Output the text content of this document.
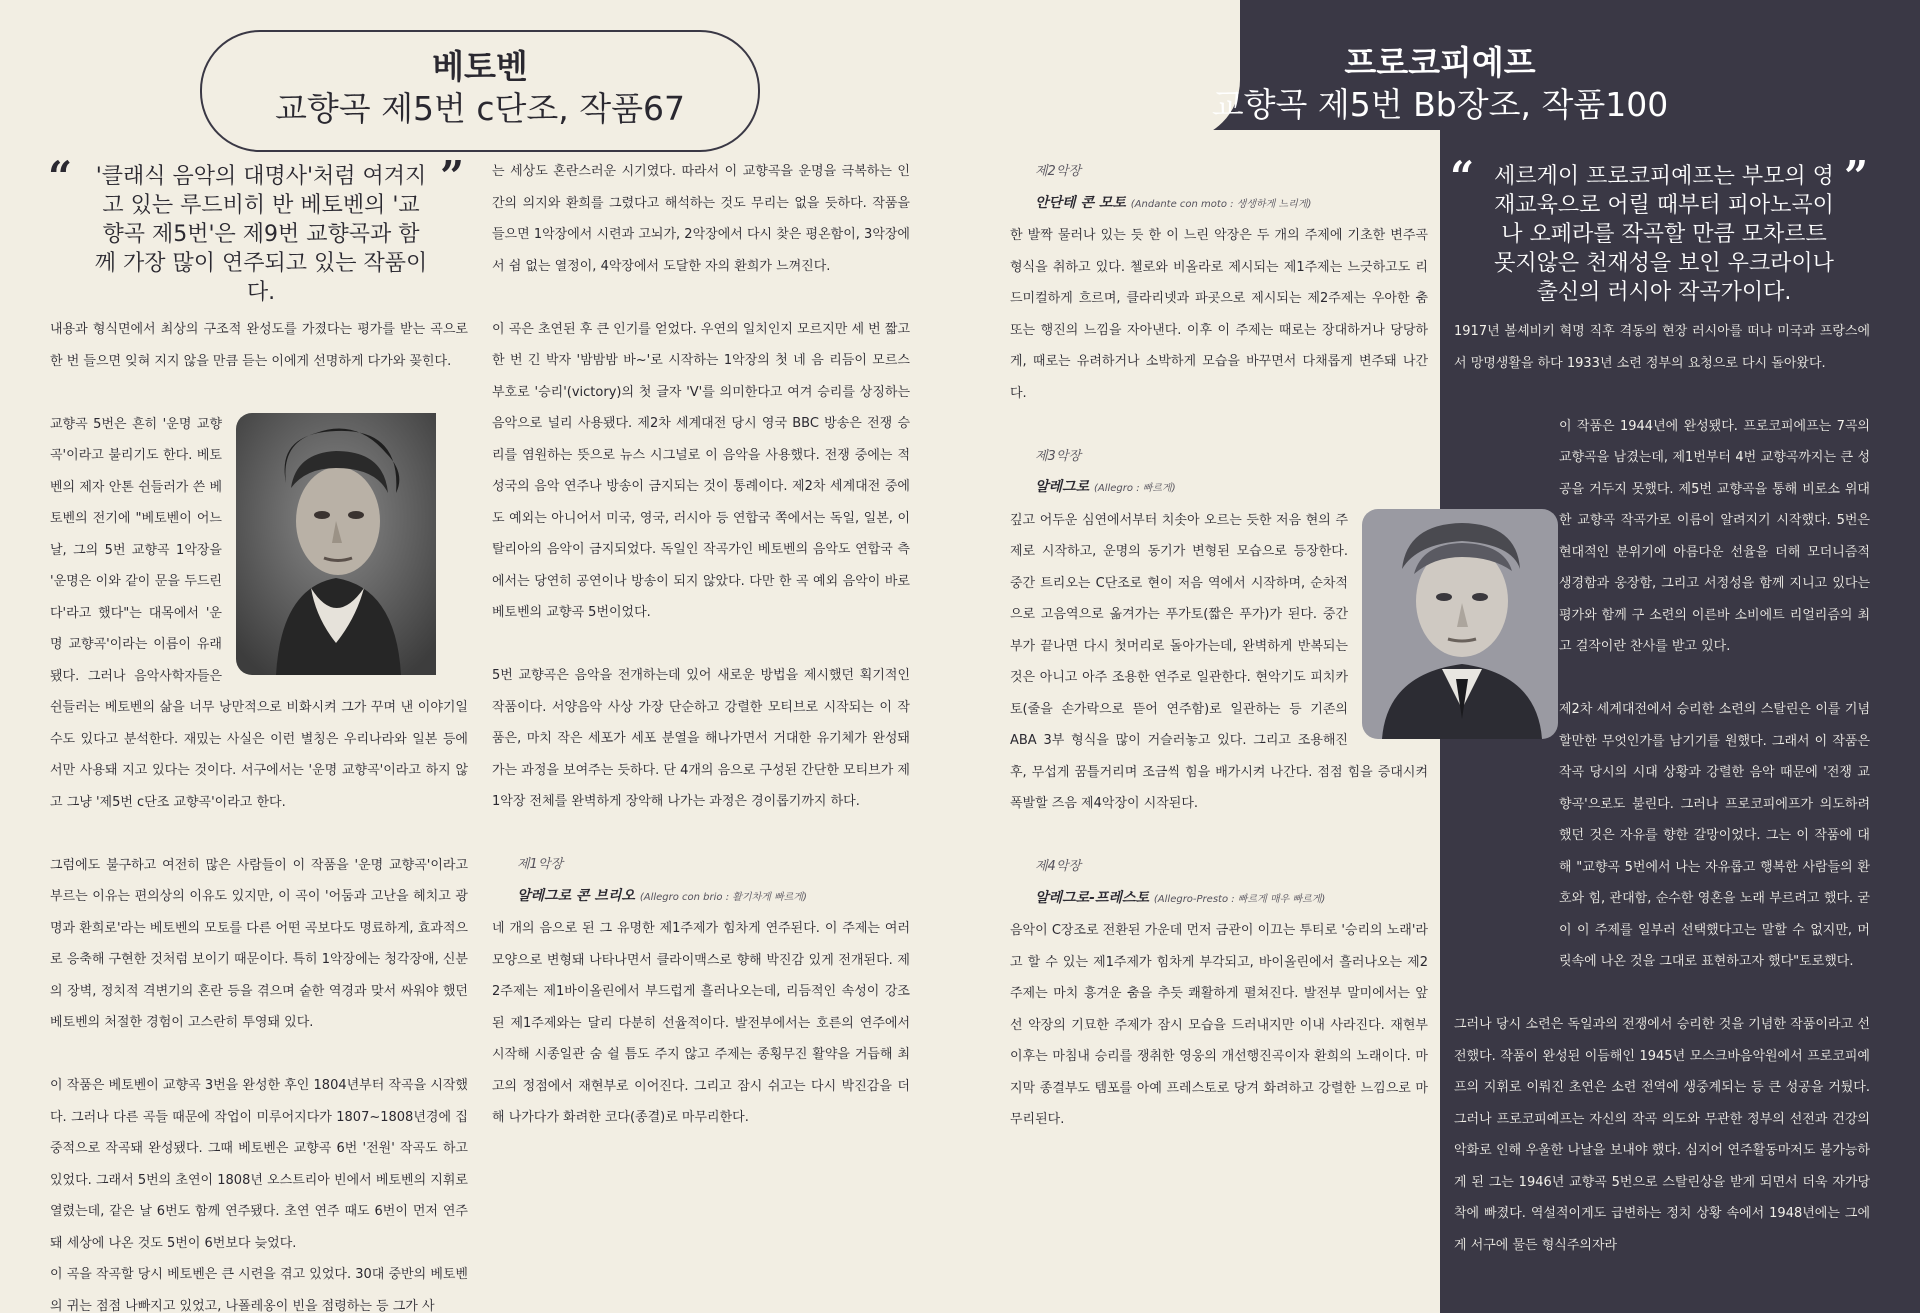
베토벤
교향곡 제5번 c단조, 작품67
프로코피예프
교향곡 제5번 Bb장조, 작품100
“	”
'클래식 음악의 대명사'처럼 여겨지고 있는 루드비히 반 베토벤의 '교향곡 제5번'은 제9번 교향곡과 함께 가장 많이 연주되고 있는 작품이다.

내용과 형식면에서 최상의 구조적 완성도를 가졌다는 평가를 받는 곡으로 한 번 들으면 잊혀 지지 않을 만큼 듣는 이에게 선명하게 다가와 꽂힌다.

교향곡 5번은 흔히 '운명 교향곡'이라고 불리기도 한다. 베토벤의 제자 안톤 쉰들러가 쓴 베토벤의 전기에 "베토벤이 어느 날, 그의 5번 교향곡 1악장을 '운명은 이와 같이 문을 두드린다'라고 했다"는 대목에서 '운명 교향곡'이라는 이름이 유래됐다. 그러나 음악사학자들은 쉰들러는 베토벤의 삶을 너무 낭만적으로 비화시켜 그가 꾸며 낸 이야기일 수도 있다고 분석한다. 재밌는 사실은 이런 별칭은 우리나라와 일본 등에서만 사용돼 지고 있다는 것이다. 서구에서는 '운명 교향곡'이라고 하지 않고 그냥 '제5번 c단조 교향곡'이라고 한다.

그럼에도 불구하고 여전히 많은 사람들이 이 작품을 '운명 교향곡'이라고 부르는 이유는 편의상의 이유도 있지만, 이 곡이 '어둠과 고난을 헤치고 광명과 환희로'라는 베토벤의 모토를 다른 어떤 곡보다도 명료하게, 효과적으로 응축해 구현한 것처럼 보이기 때문이다. 특히 1악장에는 청각장애, 신분의 장벽, 정치적 격변기의 혼란 등을 겪으며 숱한 역경과 맞서 싸워야 했던 베토벤의 처절한 경험이 고스란히 투영돼 있다.

이 작품은 베토벤이 교향곡 3번을 완성한 후인 1804년부터 작곡을 시작했다. 그러나 다른 곡들 때문에 작업이 미루어지다가 1807~1808년경에 집중적으로 작곡돼 완성됐다. 그때 베토벤은 교향곡 6번 '전원' 작곡도 하고 있었다. 그래서 5번의 초연이 1808년 오스트리아 빈에서 베토벤의 지휘로 열렸는데, 같은 날 6번도 함께 연주됐다. 초연 연주 때도 6번이 먼저 연주돼 세상에 나온 것도 5번이 6번보다 늦었다.

이 곡을 작곡할 당시 베토벤은 큰 시련을 겪고 있었다. 30대 중반의 베토벤의 귀는 점점 나빠지고 있었고, 나폴레옹이 빈을 점령하는 등 그가 사

는 세상도 혼란스러운 시기였다. 따라서 이 교향곡을 운명을 극복하는 인간의 의지와 환희를 그렸다고 해석하는 것도 무리는 없을 듯하다. 작품을 들으면 1악장에서 시련과 고뇌가, 2악장에서 다시 찾은 평온함이, 3악장에서 쉼 없는 열정이, 4악장에서 도달한 자의 환희가 느껴진다.

이 곡은 초연된 후 큰 인기를 얻었다. 우연의 일치인지 모르지만 세 번 짧고 한 번 긴 박자 '밤밤밤 바~'로 시작하는 1악장의 첫 네 음 리듬이 모르스 부호로 '승리'(victory)의 첫 글자 'V'를 의미한다고 여겨 승리를 상징하는 음악으로 널리 사용됐다. 제2차 세계대전 당시 영국 BBC 방송은 전쟁 승리를 염원하는 뜻으로 뉴스 시그널로 이 음악을 사용했다. 전쟁 중에는 적성국의 음악 연주나 방송이 금지되는 것이 통례이다. 제2차 세계대전 중에도 예외는 아니어서 미국, 영국, 러시아 등 연합국 쪽에서는 독일, 일본, 이탈리아의 음악이 금지되었다. 독일인 작곡가인 베토벤의 음악도 연합국 측에서는 당연히 공연이나 방송이 되지 않았다. 다만 한 곡 예외 음악이 바로 베토벤의 교향곡 5번이었다.

5번 교향곡은 음악을 전개하는데 있어 새로운 방법을 제시했던 획기적인 작품이다. 서양음악 사상 가장 단순하고 강렬한 모티브로 시작되는 이 작품은, 마치 작은 세포가 세포 분열을 해나가면서 거대한 유기체가 완성돼 가는 과정을 보여주는 듯하다. 단 4개의 음으로 구성된 간단한 모티브가 제1악장 전체를 완벽하게 장악해 나가는 과정은 경이롭기까지 하다.

제1악장
알레그로 콘 브리오 (Allegro con brio : 활기차게 빠르게)

네 개의 음으로 된 그 유명한 제1주제가 힘차게 연주된다. 이 주제는 여러 모양으로 변형돼 나타나면서 클라이맥스로 향해 박진감 있게 전개된다. 제2주제는 제1바이올린에서 부드럽게 흘러나오는데, 리듬적인 속성이 강조된 제1주제와는 달리 다분히 선율적이다. 발전부에서는 호른의 연주에서 시작해 시종일관 숨 쉴 틈도 주지 않고 주제는 종횡무진 활약을 거듭해 최고의 정점에서 재현부로 이어진다. 그리고 잠시 쉬고는 다시 박진감을 더해 나가다가 화려한 코다(종결)로 마무리한다.

제2악장
안단테 콘 모토 (Andante con moto : 생생하게 느리게)

한 발짝 물러나 있는 듯 한 이 느린 악장은 두 개의 주제에 기초한 변주곡 형식을 취하고 있다. 첼로와 비올라로 제시되는 제1주제는 느긋하고도 리드미컬하게 흐르며, 클라리넷과 파곳으로 제시되는 제2주제는 우아한 춤 또는 행진의 느낌을 자아낸다. 이후 이 주제는 때로는 장대하거나 당당하게, 때로는 유려하거나 소박하게 모습을 바꾸면서 다채롭게 변주돼 나간다.

제3악장
알레그로 (Allegro : 빠르게)

깊고 어두운 심연에서부터 치솟아 오르는 듯한 저음 현의 주제로 시작하고, 운명의 동기가 변형된 모습으로 등장한다. 중간 트리오는 C단조로 현이 저음 역에서 시작하며, 순차적으로 고음역으로 옮겨가는 푸가토(짧은 푸가)가 된다. 중간부가 끝나면 다시 첫머리로 돌아가는데, 완벽하게 반복되는 것은 아니고 아주 조용한 연주로 일관한다. 현악기도 피치카토(줄을 손가락으로 뜯어 연주함)로 일관하는 등 기존의 ABA 3부 형식을 많이 거슬러놓고 있다. 그리고 조용해진 후, 무섭게 꿈틀거리며 조금씩 힘을 배가시켜 나간다. 점점 힘을 증대시켜 폭발할 즈음 제4악장이 시작된다.

제4악장
알레그로-프레스토 (Allegro-Presto : 빠르게 매우 빠르게)

음악이 C장조로 전환된 가운데 먼저 금관이 이끄는 투티로 '승리의 노래'라고 할 수 있는 제1주제가 힘차게 부각되고, 바이올린에서 흘러나오는 제2주제는 마치 흥겨운 춤을 추듯 쾌활하게 펼쳐진다. 발전부 말미에서는 앞선 악장의 기묘한 주제가 잠시 모습을 드러내지만 이내 사라진다. 재현부 이후는 마침내 승리를 쟁취한 영웅의 개선행진곡이자 환희의 노래이다. 마지막 종결부도 템포를 아예 프레스토로 당겨 화려하고 강렬한 느낌으로 마무리된다.

“	”
세르게이 프로코피예프는 부모의 영재교육으로 어릴 때부터 피아노곡이나 오페라를 작곡할 만큼 모차르트 못지않은 천재성을 보인 우크라이나 출신의 러시아 작곡가이다.

1917년 볼셰비키 혁명 직후 격동의 현장 러시아를 떠나 미국과 프랑스에서 망명생활을 하다 1933년 소련 정부의 요청으로 다시 돌아왔다.

이 작품은 1944년에 완성됐다. 프로코피에프는 7곡의 교향곡을 남겼는데, 제1번부터 4번 교향곡까지는 큰 성공을 거두지 못했다. 제5번 교향곡을 통해 비로소 위대한 교향곡 작곡가로 이름이 알려지기 시작했다. 5번은 현대적인 분위기에 아름다운 선율을 더해 모더니즘적 생경함과 웅장함, 그리고 서정성을 함께 지니고 있다는 평가와 함께 구 소련의 이른바 소비에트 리얼리즘의 최고 걸작이란 찬사를 받고 있다.

제2차 세계대전에서 승리한 소련의 스탈린은 이를 기념할만한 무엇인가를 남기기를 원했다. 그래서 이 작품은 작곡 당시의 시대 상황과 강렬한 음악 때문에 '전쟁 교향곡'으로도 불린다. 그러나 프로코피에프가 의도하려 했던 것은 자유를 향한 갈망이었다. 그는 이 작품에 대해 "교향곡 5번에서 나는 자유롭고 행복한 사람들의 환호와 힘, 관대함, 순수한 영혼을 노래 부르려고 했다. 굳이 이 주제를 일부러 선택했다고는 말할 수 없지만, 머릿속에 나온 것을 그대로 표현하고자 했다"토로했다.

그러나 당시 소련은 독일과의 전쟁에서 승리한 것을 기념한 작품이라고 선전했다. 작품이 완성된 이듬해인 1945년 모스크바음악원에서 프로코피예프의 지휘로 이뤄진 초연은 소련 전역에 생중계되는 등 큰 성공을 거뒀다. 그러나 프로코피예프는 자신의 작곡 의도와 무관한 정부의 선전과 건강의 악화로 인해 우울한 나날을 보내야 했다. 심지어 연주활동마저도 불가능하게 된 그는 1946년 교향곡 5번으로 스탈린상을 받게 되면서 더욱 자가당착에 빠졌다. 역설적이게도 급변하는 정치 상황 속에서 1948년에는 그에게 서구에 물든 형식주의자라
